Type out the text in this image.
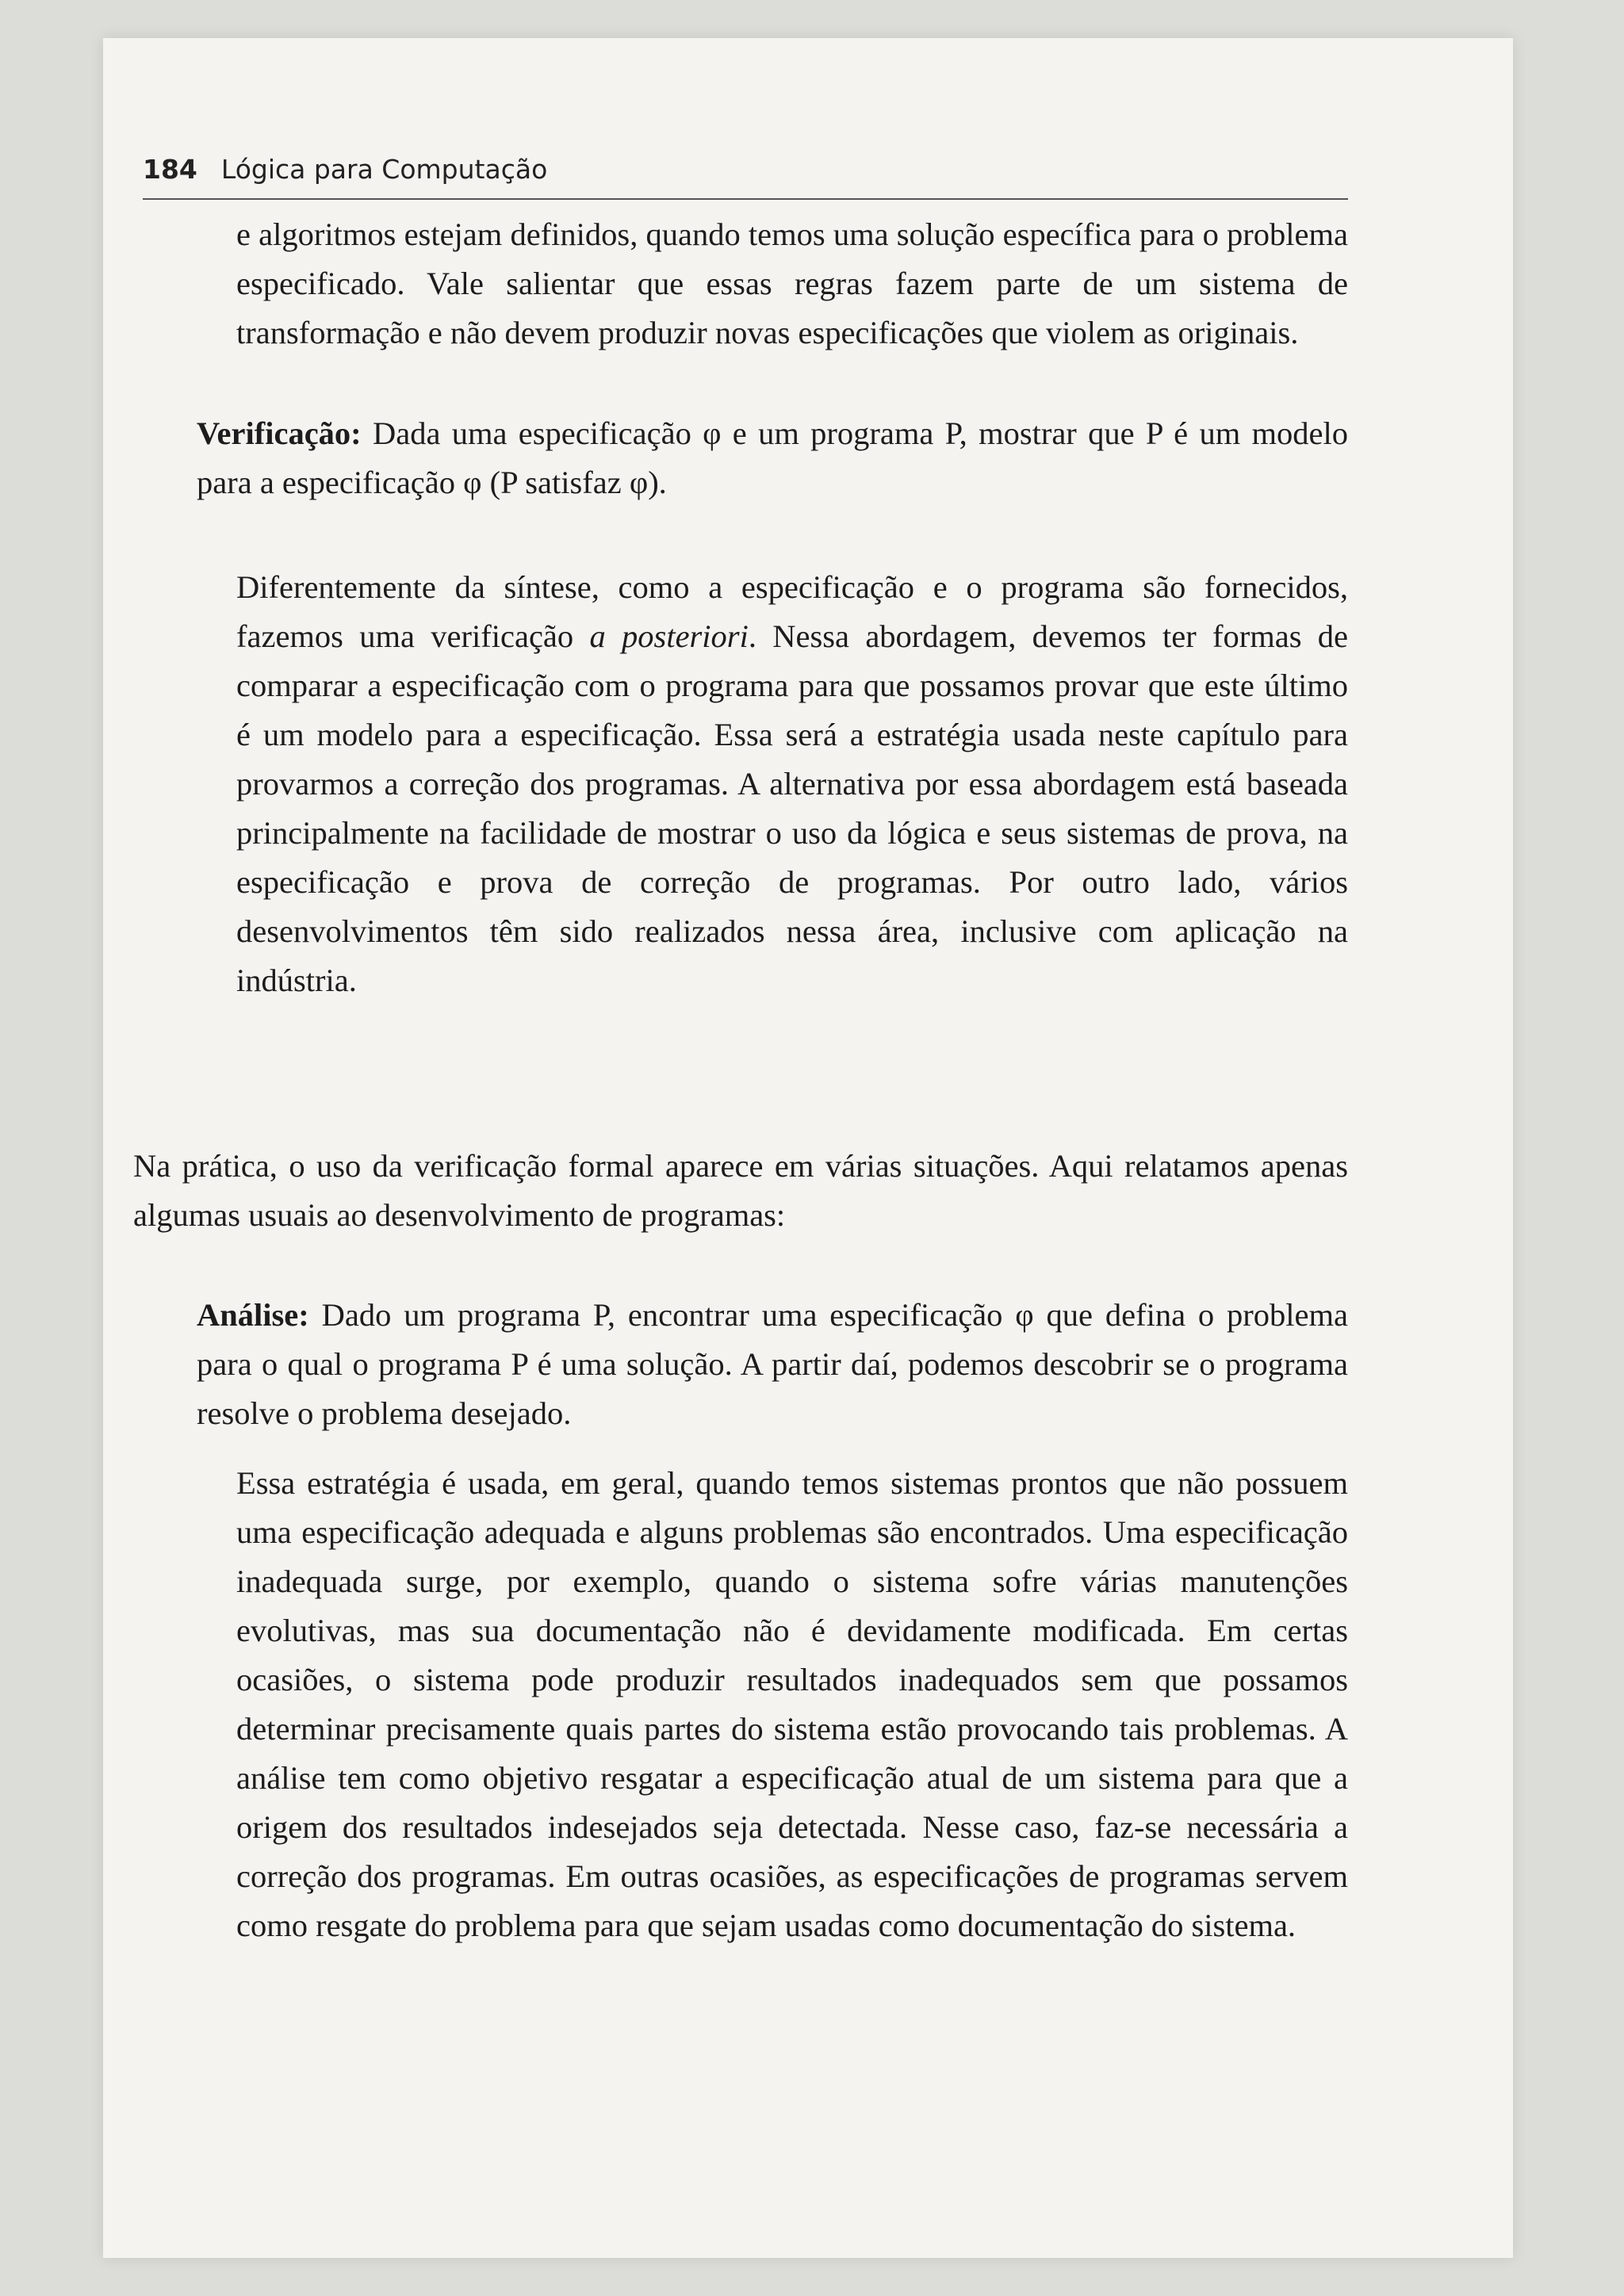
184 Lógica para Computação

e algoritmos estejam definidos, quando temos uma solução específica para o problema especificado. Vale salientar que essas regras fazem parte de um sistema de transformação e não devem produzir novas especificações que violem as originais.

Verificação: Dada uma especificação φ e um programa P, mostrar que P é um modelo para a especificação φ (P satisfaz φ).

Diferentemente da síntese, como a especificação e o programa são fornecidos, fazemos uma verificação a posteriori. Nessa abordagem, devemos ter formas de comparar a especificação com o programa para que possamos provar que este último é um modelo para a especificação. Essa será a estratégia usada neste capítulo para provarmos a correção dos programas. A alternativa por essa abordagem está baseada principalmente na facilidade de mostrar o uso da lógica e seus sistemas de prova, na especificação e prova de correção de programas. Por outro lado, vários desenvolvimentos têm sido realizados nessa área, inclusive com aplicação na indústria.

Na prática, o uso da verificação formal aparece em várias situações. Aqui relatamos apenas algumas usuais ao desenvolvimento de programas:

Análise: Dado um programa P, encontrar uma especificação φ que defina o problema para o qual o programa P é uma solução. A partir daí, podemos descobrir se o programa resolve o problema desejado.

Essa estratégia é usada, em geral, quando temos sistemas prontos que não possuem uma especificação adequada e alguns problemas são encontrados. Uma especificação inadequada surge, por exemplo, quando o sistema sofre várias manutenções evolutivas, mas sua documentação não é devidamente modificada. Em certas ocasiões, o sistema pode produzir resultados inadequados sem que possamos determinar precisamente quais partes do sistema estão provocando tais problemas. A análise tem como objetivo resgatar a especificação atual de um sistema para que a origem dos resultados indesejados seja detectada. Nesse caso, faz-se necessária a correção dos programas. Em outras ocasiões, as especificações de programas servem como resgate do problema para que sejam usadas como documentação do sistema.
